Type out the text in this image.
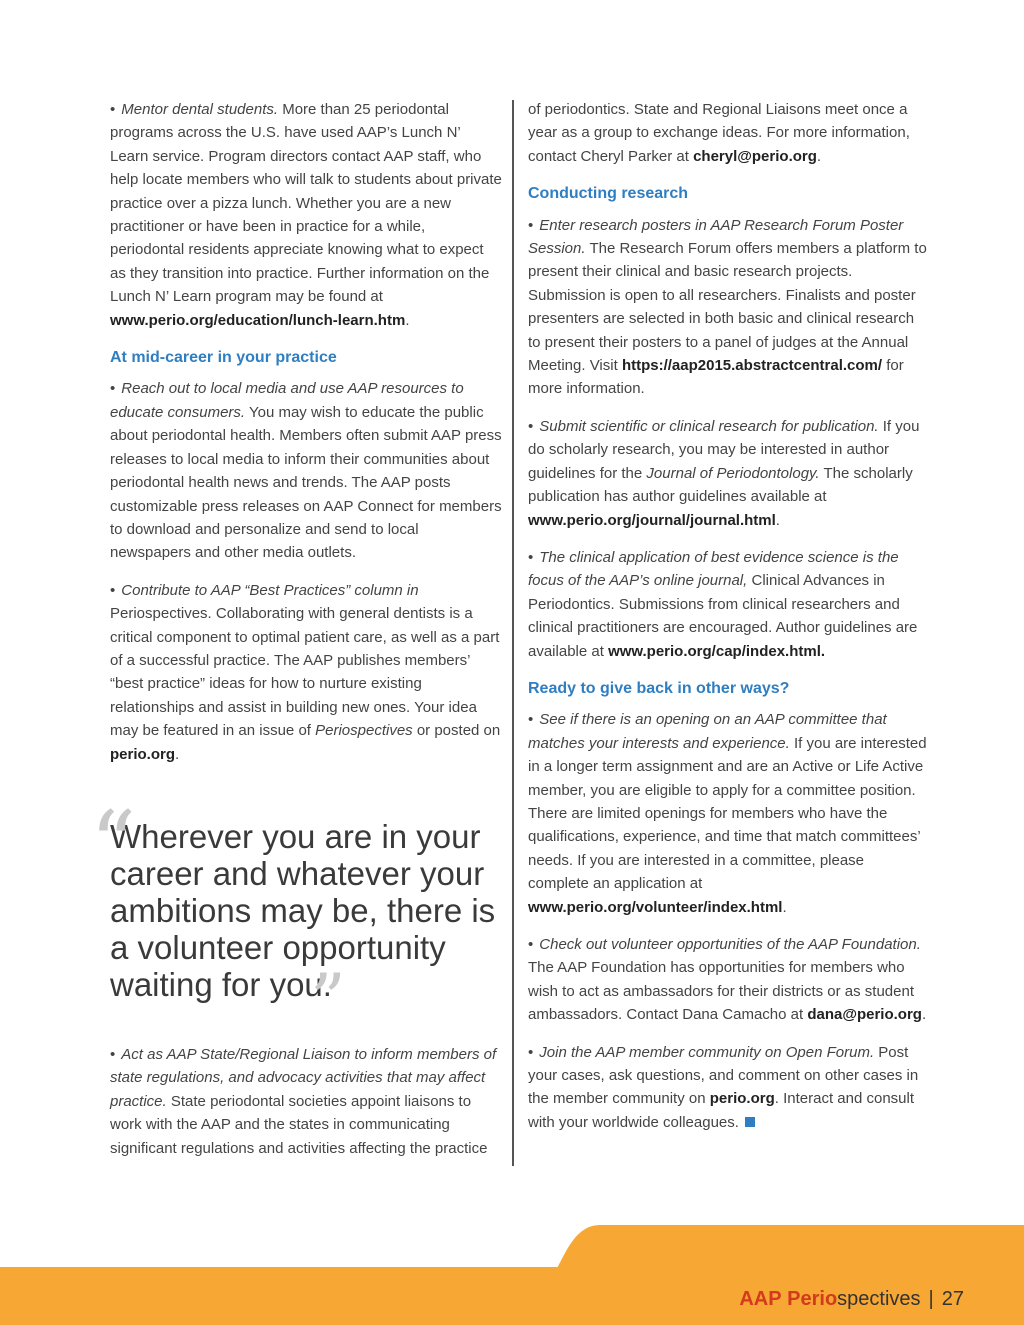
• Mentor dental students. More than 25 periodontal programs across the U.S. have used AAP’s Lunch N’ Learn service. Program directors contact AAP staff, who help locate members who will talk to students about private practice over a pizza lunch. Whether you are a new practitioner or have been in practice for a while, periodontal residents appreciate knowing what to expect as they transition into practice. Further information on the Lunch N’ Learn program may be found at www.perio.org/education/lunch-learn.htm.

At mid-career in your practice

• Reach out to local media and use AAP resources to educate consumers. You may wish to educate the public about periodontal health. Members often submit AAP press releases to local media to inform their communities about periodontal health news and trends. The AAP posts customizable press releases on AAP Connect for members to download and personalize and send to local newspapers and other media outlets.

• Contribute to AAP “Best Practices” column in Periospectives. Collaborating with general dentists is a critical component to optimal patient care, as well as a part of a successful practice. The AAP publishes members’ “best practice” ideas for how to nurture existing relationships and assist in building new ones. Your idea may be featured in an issue of Periospectives or posted on perio.org.

“
Wherever you are in your career and whatever your ambitions may be, there is a volunteer opportunity waiting for you.”

• Act as AAP State/Regional Liaison to inform members of state regulations, and advocacy activities that may affect practice. State periodontal societies appoint liaisons to work with the AAP and the states in communicating significant regulations and activities affecting the practice

of periodontics. State and Regional Liaisons meet once a year as a group to exchange ideas. For more information, contact Cheryl Parker at cheryl@perio.org.

Conducting research

• Enter research posters in AAP Research Forum Poster Session. The Research Forum offers members a platform to present their clinical and basic research projects. Submission is open to all researchers. Finalists and poster presenters are selected in both basic and clinical research to present their posters to a panel of judges at the Annual Meeting. Visit https://aap2015.abstractcentral.com/ for more information.

• Submit scientific or clinical research for publication. If you do scholarly research, you may be interested in author guidelines for the Journal of Periodontology. The scholarly publication has author guidelines available at www.perio.org/journal/journal.html.

• The clinical application of best evidence science is the focus of the AAP’s online journal, Clinical Advances in Periodontics. Submissions from clinical researchers and clinical practitioners are encouraged. Author guidelines are available at www.perio.org/cap/index.html.

Ready to give back in other ways?

• See if there is an opening on an AAP committee that matches your interests and experience. If you are interested in a longer term assignment and are an Active or Life Active member, you are eligible to apply for a committee position. There are limited openings for members who have the qualifications, experience, and time that match committees’ needs. If you are interested in a committee, please complete an application at www.perio.org/volunteer/index.html.

• Check out volunteer opportunities of the AAP Foundation. The AAP Foundation has opportunities for members who wish to act as ambassadors for their districts or as student ambassadors. Contact Dana Camacho at dana@perio.org.

• Join the AAP member community on Open Forum. Post your cases, ask questions, and comment on other cases in the member community on perio.org. Interact and consult with your worldwide colleagues.

AAP Periospectives | 27
